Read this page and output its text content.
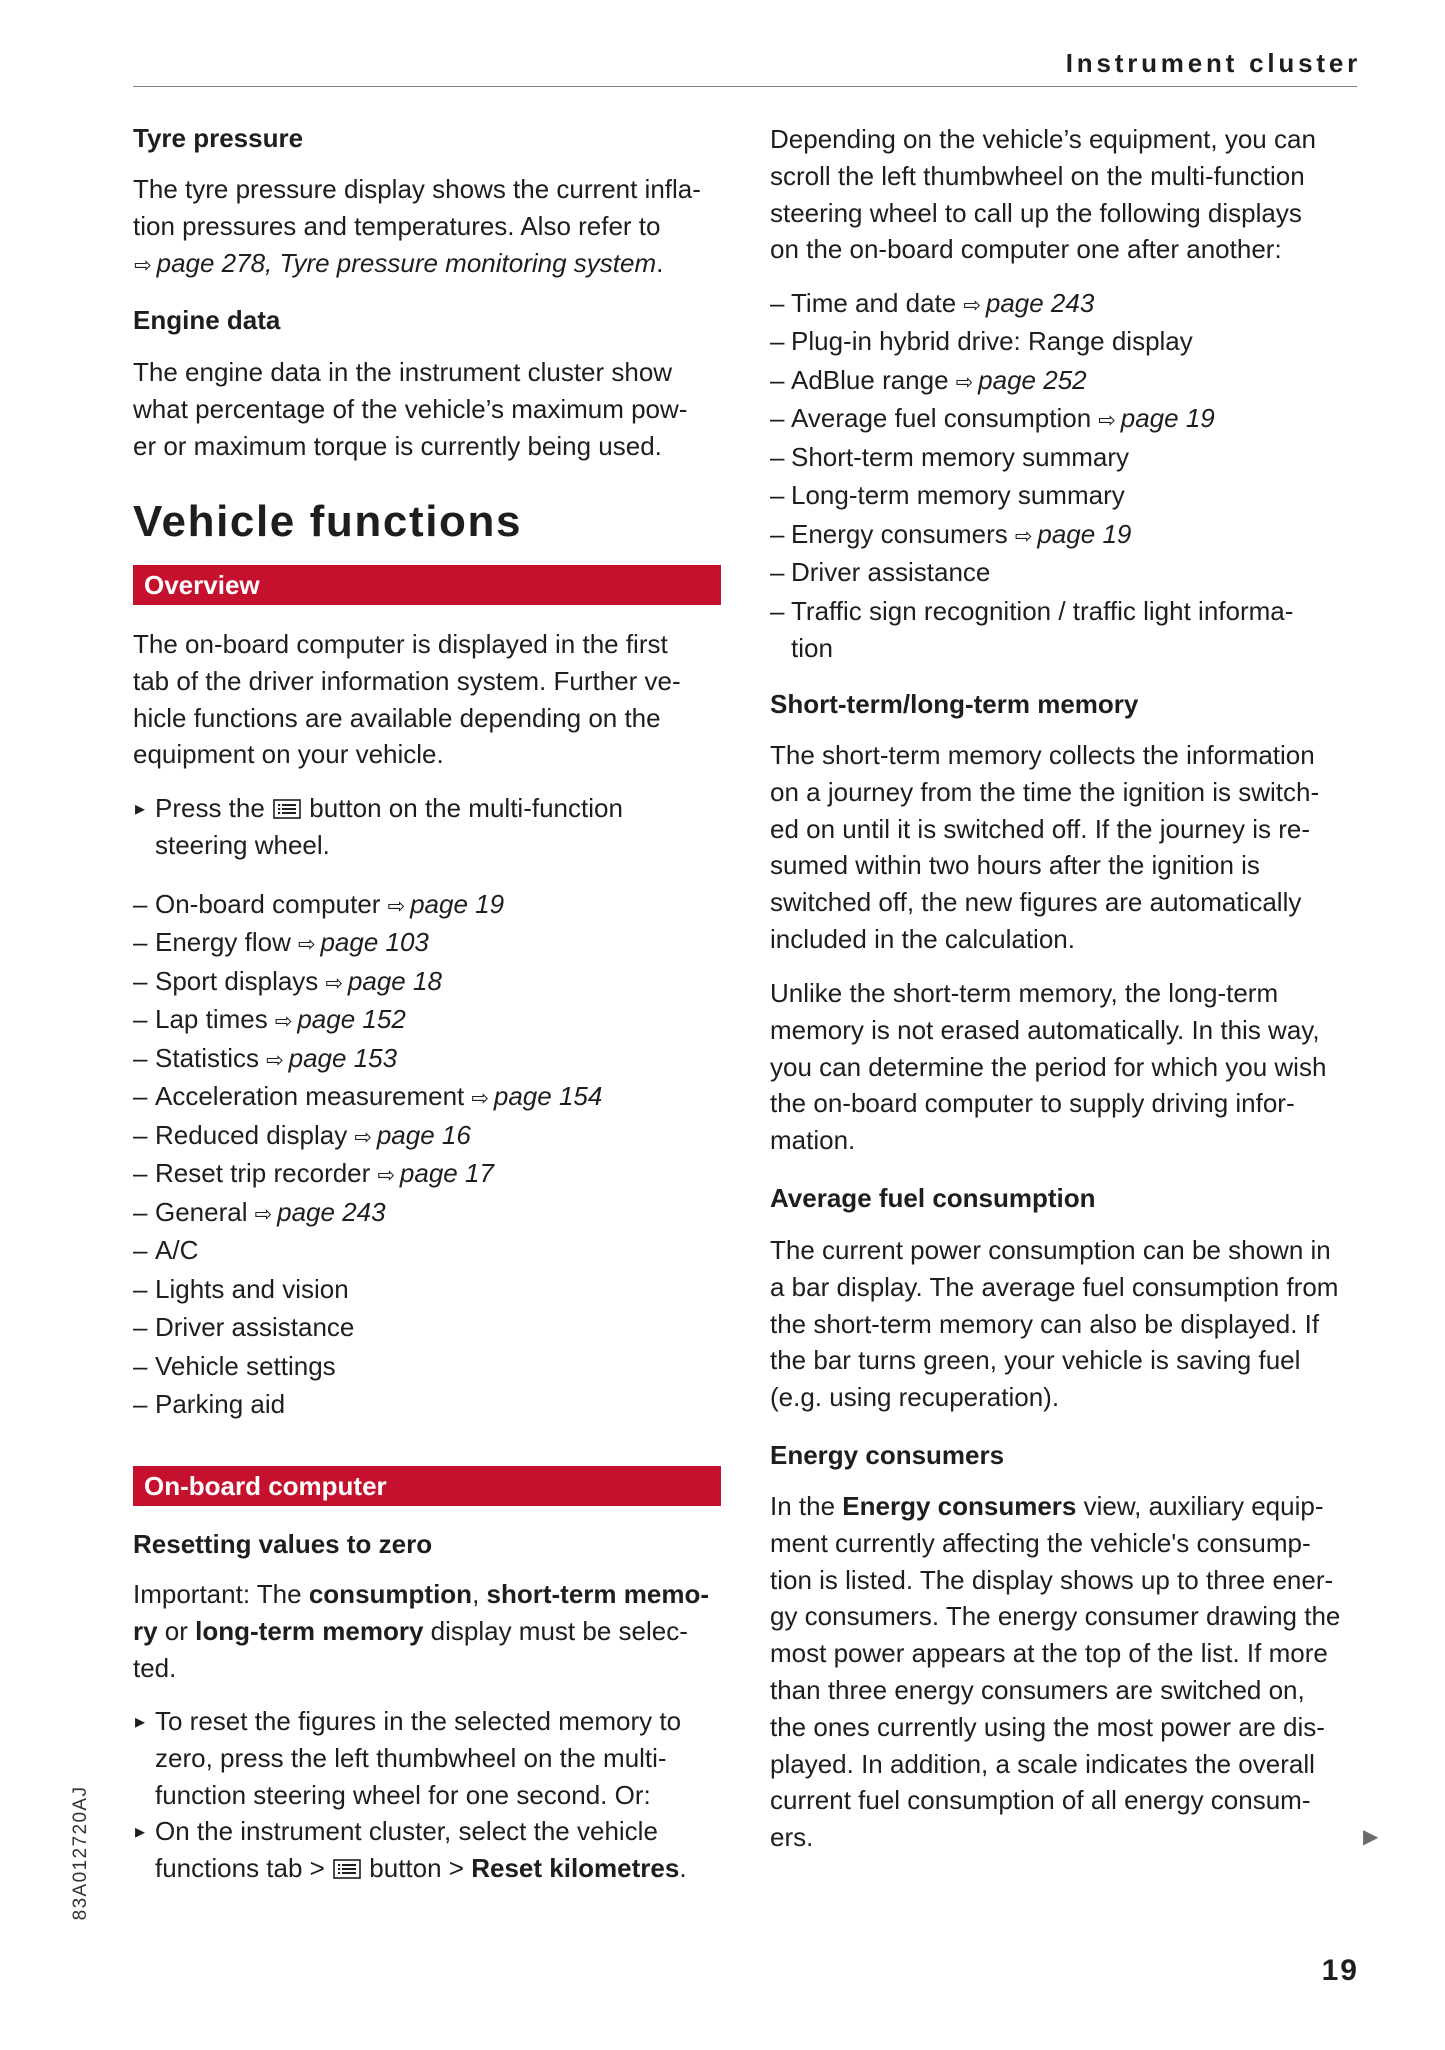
Instrument cluster
Tyre pressure
The tyre pressure display shows the current infla-
tion pressures and temperatures. Also refer to
⇨ page 278, Tyre pressure monitoring system.
Engine data
The engine data in the instrument cluster show
what percentage of the vehicle’s maximum pow-
er or maximum torque is currently being used.
Vehicle functions
Overview
The on-board computer is displayed in the first
tab of the driver information system. Further ve-
hicle functions are available depending on the
equipment on your vehicle.
▸ Press the
button on the multi-function
steering wheel.
– On-board computer ⇨ page 19
– Energy flow ⇨ page 103
– Sport displays ⇨ page 18
– Lap times ⇨ page 152
– Statistics ⇨ page 153
– Acceleration measurement ⇨ page 154
– Reduced display ⇨ page 16
– Reset trip recorder ⇨ page 17
– General ⇨ page 243
– A/C
– Lights and vision
– Driver assistance
– Vehicle settings
– Parking aid
On-board computer
Resetting values to zero
Important: The consumption, short-term memo-
ry or long-term memory display must be selec-
ted.
▸ To reset the figures in the selected memory to
zero, press the left thumbwheel on the multi-
function steering wheel for one second. Or:
▸ On the instrument cluster, select the vehicle
functions tab >
button > Reset kilometres.
Depending on the vehicle’s equipment, you can
scroll the left thumbwheel on the multi-function
steering wheel to call up the following displays
on the on-board computer one after another:
– Time and date ⇨ page 243
– Plug-in hybrid drive: Range display
– AdBlue range ⇨ page 252
– Average fuel consumption ⇨ page 19
– Short-term memory summary
– Long-term memory summary
– Energy consumers ⇨ page 19
– Driver assistance
– Traffic sign recognition / traffic light informa-
tion
Short-term/long-term memory
The short-term memory collects the information
on a journey from the time the ignition is switch-
ed on until it is switched off. If the journey is re-
sumed within two hours after the ignition is
switched off, the new figures are automatically
included in the calculation.
Unlike the short-term memory, the long-term
memory is not erased automatically. In this way,
you can determine the period for which you wish
the on-board computer to supply driving infor-
mation.
Average fuel consumption
The current power consumption can be shown in
a bar display. The average fuel consumption from
the short-term memory can also be displayed. If
the bar turns green, your vehicle is saving fuel
(e.g. using recuperation).
Energy consumers
In the Energy consumers view, auxiliary equip-
ment currently affecting the vehicle's consump-
tion is listed. The display shows up to three ener-
gy consumers. The energy consumer drawing the
most power appears at the top of the list. If more
than three energy consumers are switched on,
the ones currently using the most power are dis-
played. In addition, a scale indicates the overall
current fuel consumption of all energy consum-
ers.	▶
19
83A012720AJ
